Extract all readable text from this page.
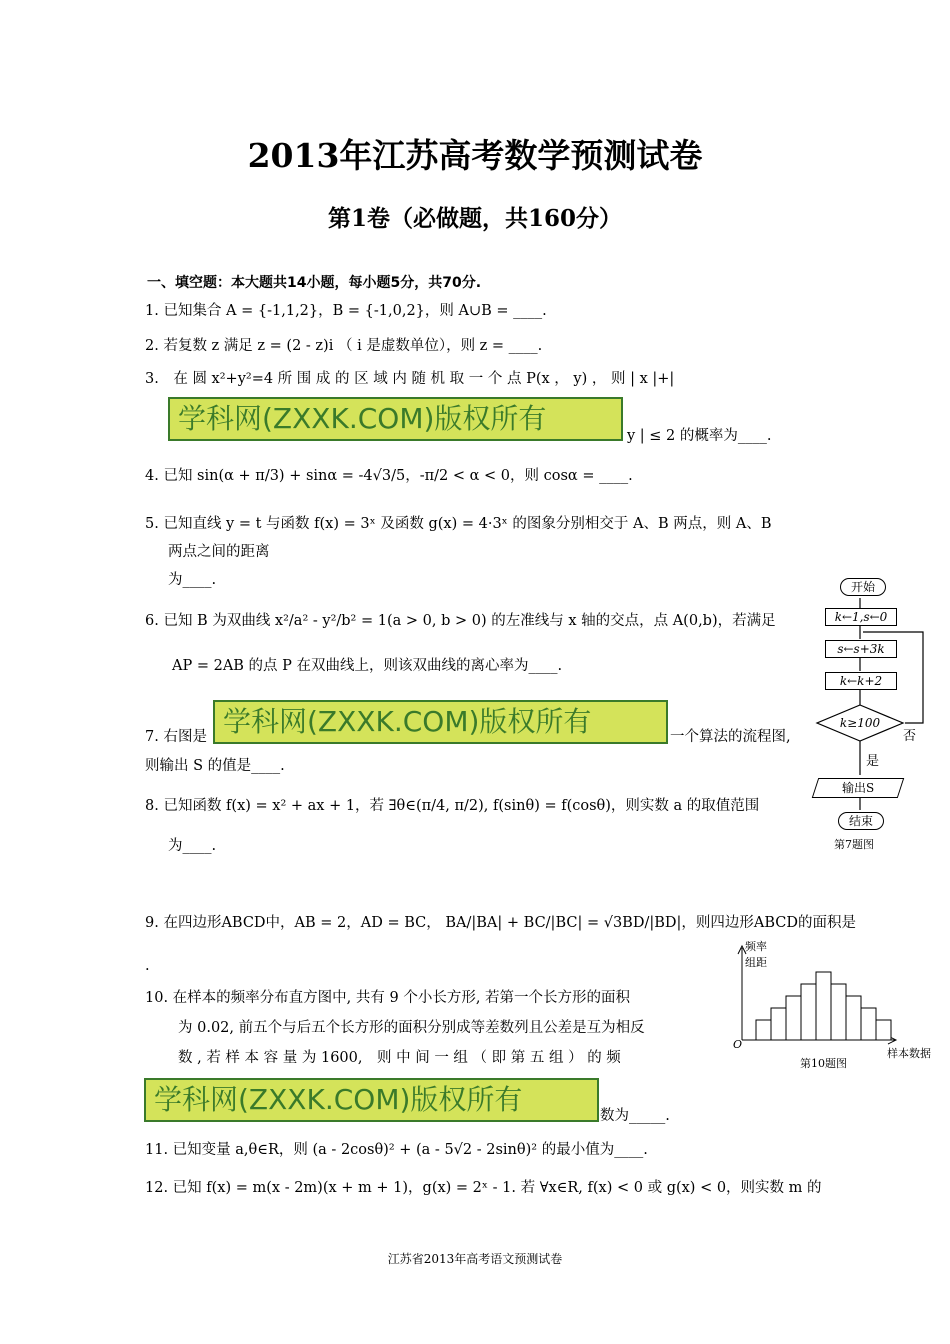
2013年江苏高考数学预测试卷
第1卷（必做题，共160分）
一、填空题：本大题共14小题，每小题5分，共70分.
1. 已知集合 A = {-1,1,2}，B = {-1,0,2}，则 A∪B = ____.
2. 若复数 z 满足 z = (2 - z)i （ i 是虚数单位），则 z = ____.
3.　在 圆 x²+y²=4 所 围 成 的 区 域 内 随 机 取 一 个 点 P(x ， y) ， 则 | x |+|
学科网(ZXXK.COM)版权所有
y | ≤ 2 的概率为____.
4. 已知 sin(α + π/3) + sinα = -4√3/5，-π/2 < α < 0，则 cosα = ____.
5. 已知直线 y = t 与函数 f(x) = 3ˣ 及函数 g(x) = 4·3ˣ 的图象分别相交于 A、B 两点，则 A、B
两点之间的距离
为____.
6. 已知 B 为双曲线 x²/a² - y²/b² = 1(a > 0, b > 0) 的左准线与 x 轴的交点，点 A(0,b)，若满足
AP = 2AB 的点 P 在双曲线上，则该双曲线的离心率为____.
7. 右图是 学科网(ZXXK.COM)版权所有	一个算法的流程图,
则输出 S 的值是____.
8. 已知函数 f(x) = x² + ax + 1，若 ∃θ∈(π/4, π/2), f(sinθ) = f(cosθ)，则实数 a 的取值范围
为____.
9. 在四边形ABCD中，AB = 2，AD = BC， BA/|BA| + BC/|BC| = √3BD/|BD|，则四边形ABCD的面积是
.
10. 在样本的频率分布直方图中, 共有 9 个小长方形, 若第一个长方形的面积
为 0.02, 前五个与后五个长方形的面积分别成等差数列且公差是互为相反
数 , 若 样 本 容 量 为 1600,　则 中 间 一 组 （ 即 第 五 组 ） 的 频
学科网(ZXXK.COM)版权所有	数为_____.
11. 已知变量 a,θ∈R，则 (a - 2cosθ)² + (a - 5√2 - 2sinθ)² 的最小值为____.
12. 已知 f(x) = m(x - 2m)(x + m + 1)，g(x) = 2ˣ - 1. 若 ∀x∈R, f(x) < 0 或 g(x) < 0，则实数 m 的
开始
k←1,s←0
s←s+3k
k←k+2
k≥100
否
是
输出S
结束
第7题图
频率
组距
O
样本数据
第10题图
江苏省2013年高考语文预测试卷
